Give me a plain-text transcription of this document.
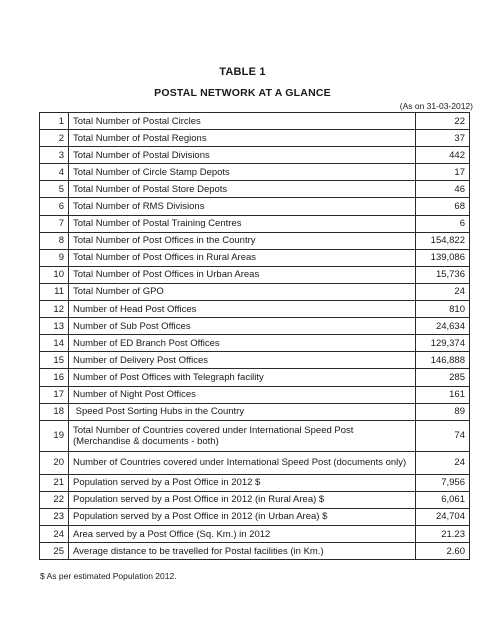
TABLE 1
POSTAL NETWORK AT A GLANCE
(As on 31-03-2012)
1	Total Number of Postal Circles	22
2	Total Number of Postal Regions	37
3	Total Number of Postal Divisions	442
4	Total Number of Circle Stamp Depots	17
5	Total Number of Postal Store Depots	46
6	Total Number of RMS Divisions	68
7	Total Number of Postal Training Centres	6
8	Total Number of Post Offices in the Country	154,822
9	Total Number of Post Offices in Rural Areas	139,086
10	Total Number of Post Offices in Urban Areas	15,736
11	Total Number of GPO	24
12	Number of Head Post Offices	810
13	Number of Sub Post Offices	24,634
14	Number of ED Branch Post Offices	129,374
15	Number of Delivery Post Offices	146,888
16	Number of Post Offices with Telegraph facility	285
17	Number of Night Post Offices	161
18	Speed Post Sorting Hubs in the Country	89
19	Total Number of Countries covered under International Speed Post
(Merchandise & documents - both)	74
20	Number of Countries covered under International Speed Post (documents only)	24
21	Population served by a Post Office in 2012 $	7,956
22	Population served by a Post Office in 2012 (in Rural Area) $	6,061
23	Population served by a Post Office in 2012 (in Urban Area) $	24,704
24	Area served by a Post Office (Sq. Km.) in 2012	21.23
25	Average distance to be travelled for Postal facilities (in Km.)	2.60
$ As per estimated Population 2012.
